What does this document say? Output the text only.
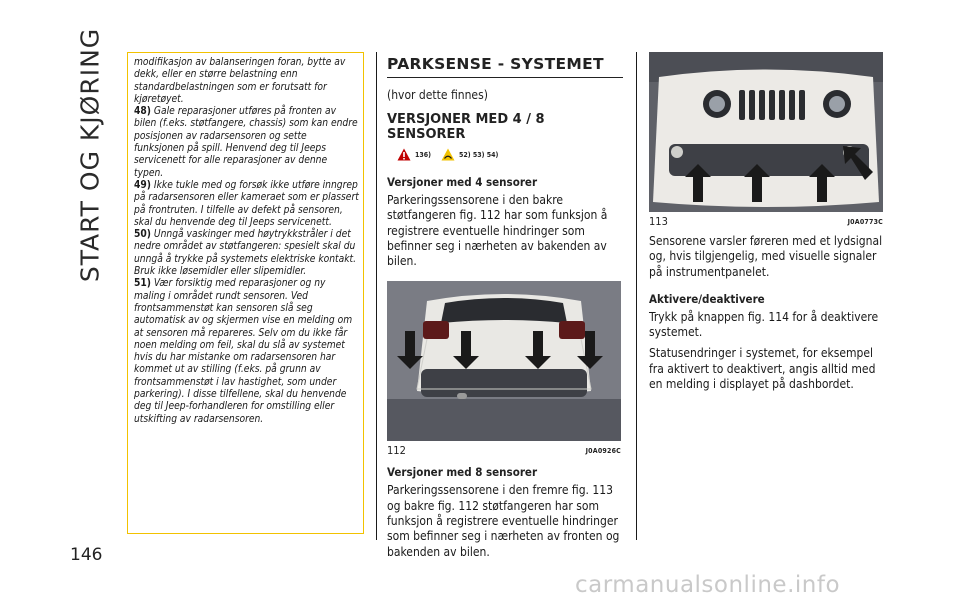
START OG KJØRING
146

modifikasjon av balanseringen foran, bytte av dekk, eller en større belastning enn standardbelastningen som er forutsatt for kjøretøyet.

48) Gale reparasjoner utføres på fronten av bilen (f.eks. støtfangere, chassis) som kan endre posisjonen av radarsensoren og sette funksjonen på spill. Henvend deg til Jeeps servicenett for alle reparasjoner av denne typen.

49) Ikke tukle med og forsøk ikke utføre inngrep på radarsensoren eller kameraet som er plassert på frontruten. I tilfelle av defekt på sensoren, skal du henvende deg til Jeeps servicenett.

50) Unngå vaskinger med høytrykkstråler i det nedre området av støtfangeren: spesielt skal du unngå å trykke på systemets elektriske kontakt. Bruk ikke løsemidler eller slipemidler.

51) Vær forsiktig med reparasjoner og ny maling i området rundt sensoren. Ved frontsammenstøt kan sensoren slå seg automatisk av og skjermen vise en melding om at sensoren må repareres. Selv om du ikke får noen melding om feil, skal du slå av systemet hvis du har mistanke om radarsensoren har kommet ut av stilling (f.eks. på grunn av frontsammenstøt i lav hastighet, som under parkering). I disse tilfellene, skal du henvende deg til Jeep-forhandleren for omstilling eller utskifting av radarsensoren.

PARKSENSE - SYSTEMET
(hvor dette finnes)
VERSJONER MED 4 / 8 SENSORER
136)	52) 53) 54)
Versjoner med 4 sensorer
Parkeringssensorene i den bakre støtfangeren fig. 112 har som funksjon å registrere eventuelle hindringer som befinner seg i nærheten av bakenden av bilen.
112	J0A0926C
Versjoner med 8 sensorer
Parkeringssensorene i den fremre fig. 113 og bakre fig. 112 støtfangeren har som funksjon å registrere eventuelle hindringer som befinner seg i nærheten av fronten og bakenden av bilen.
113	J0A0773C
Sensorene varsler føreren med et lydsignal og, hvis tilgjengelig, med visuelle signaler på instrumentpanelet.
Aktivere/deaktivere
Trykk på knappen fig. 114 for å deaktivere systemet.
Statusendringer i systemet, for eksempel fra aktivert to deaktivert, angis alltid med en melding i displayet på dashbordet.
carmanualsonline.info
